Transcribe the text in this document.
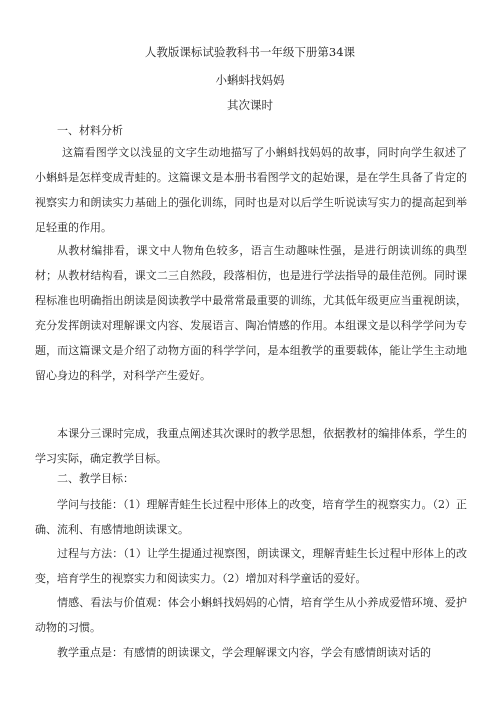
人教版课标试验教科书一年级下册第34课
小蝌蚪找妈妈
其次课时
一、材料分析
这篇看图学文以浅显的文字生动地描写了小蝌蚪找妈妈的故事，同时向学生叙述了小蝌蚪是怎样变成青蛙的。这篇课文是本册书看图学文的起始课，是在学生具备了肯定的视察实力和朗读实力基础上的强化训练，同时也是对以后学生听说读写实力的提高起到举足轻重的作用。
从教材编排看，课文中人物角色较多，语言生动趣味性强，是进行朗读训练的典型材；从教材结构看，课文二三自然段，段落相仿，也是进行学法指导的最佳范例。同时课程标准也明确指出朗读是阅读教学中最常常最重要的训练，尤其低年级更应当重视朗读，充分发挥朗读对理解课文内容、发展语言、陶冶情感的作用。本组课文是以科学学问为专题，而这篇课文是介绍了动物方面的科学学问，是本组教学的重要载体，能让学生主动地留心身边的科学，对科学产生爱好。
本课分三课时完成，我重点阐述其次课时的教学思想，依据教材的编排体系，学生的学习实际，确定教学目标。
二、教学目标：
学问与技能：（1）理解青蛙生长过程中形体上的改变，培育学生的视察实力。（2）正确、流利、有感情地朗读课文。
过程与方法：（1）让学生提通过视察图，朗读课文，理解青蛙生长过程中形体上的改变，培育学生的视察实力和阅读实力。（2）增加对科学童话的爱好。
情感、看法与价值观：体会小蝌蚪找妈妈的心情，培育学生从小养成爱惜环境、爱护动物的习惯。
教学重点是：有感情的朗读课文，学会理解课文内容，学会有感情朗读对话的
